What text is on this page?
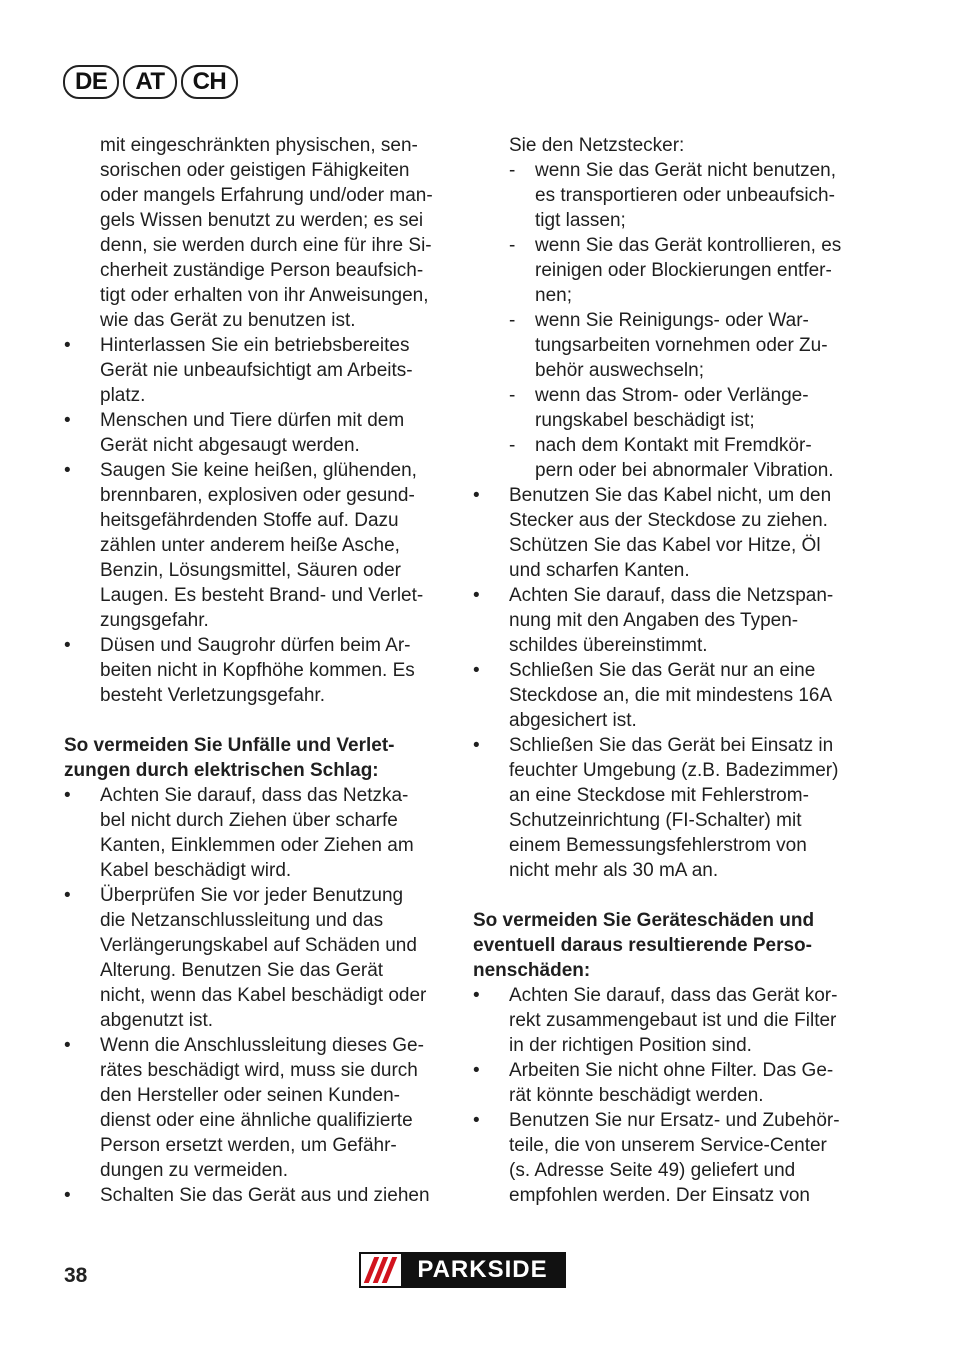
DE	AT	CH

mit eingeschränkten physischen, sen-
sorischen oder geistigen Fähigkeiten
oder mangels Erfahrung und/oder man-
gels Wissen benutzt zu werden; es sei
denn, sie werden durch eine für ihre Si-
cherheit zuständige Person beaufsich-
tigt oder erhalten von ihr Anweisungen,
wie das Gerät zu benutzen ist.

• Hinterlassen Sie ein betriebsbereites
Gerät nie unbeaufsichtigt am Arbeits-
platz.

• Menschen und Tiere dürfen mit dem
Gerät nicht abgesaugt werden.

• Saugen Sie keine heißen, glühenden,
brennbaren, explosiven oder gesund-
heitsgefährdenden Stoffe auf. Dazu
zählen unter anderem heiße Asche,
Benzin, Lösungsmittel, Säuren oder
Laugen. Es besteht Brand- und Verlet-
zungsgefahr.

• Düsen und Saugrohr dürfen beim Ar-
beiten nicht in Kopfhöhe kommen. Es
besteht Verletzungsgefahr.

So vermeiden Sie Unfälle und Verlet-
zungen durch elektrischen Schlag:

• Achten Sie darauf, dass das Netzka-
bel nicht durch Ziehen über scharfe
Kanten, Einklemmen oder Ziehen am
Kabel beschädigt wird.

• Überprüfen Sie vor jeder Benutzung
die Netzanschlussleitung und das
Verlängerungskabel auf Schäden und
Alterung. Benutzen Sie das Gerät
nicht, wenn das Kabel beschädigt oder
abgenutzt ist.

• Wenn die Anschlussleitung dieses Ge-
rätes beschädigt wird, muss sie durch
den Hersteller oder seinen Kunden-
dienst oder eine ähnliche qualifizierte
Person ersetzt werden, um Gefähr-
dungen zu vermeiden.

• Schalten Sie das Gerät aus und ziehen

Sie den Netzstecker:

- wenn Sie das Gerät nicht benutzen,
es transportieren oder unbeaufsich-
tigt lassen;

- wenn Sie das Gerät kontrollieren, es
reinigen oder Blockierungen entfer-
nen;

- wenn Sie Reinigungs- oder War-
tungsarbeiten vornehmen oder Zu-
behör auswechseln;

- wenn das Strom- oder Verlänge-
rungskabel beschädigt ist;

- nach dem Kontakt mit Fremdkör-
pern oder bei abnormaler Vibration.

• Benutzen Sie das Kabel nicht, um den
Stecker aus der Steckdose zu ziehen.
Schützen Sie das Kabel vor Hitze, Öl
und scharfen Kanten.

• Achten Sie darauf, dass die Netzspan-
nung mit den Angaben des Typen-
schildes übereinstimmt.

• Schließen Sie das Gerät nur an eine
Steckdose an, die mit mindestens 16A
abgesichert ist.

• Schließen Sie das Gerät bei Einsatz in
feuchter Umgebung (z.B. Badezimmer)
an eine Steckdose mit Fehlerstrom-
Schutzeinrichtung (FI-Schalter) mit
einem Bemessungsfehlerstrom von
nicht mehr als 30 mA an.

So vermeiden Sie Geräteschäden und
eventuell daraus resultierende Perso-
nenschäden:

• Achten Sie darauf, dass das Gerät kor-
rekt zusammengebaut ist und die Filter
in der richtigen Position sind.

• Arbeiten Sie nicht ohne Filter. Das Ge-
rät könnte beschädigt werden.

• Benutzen Sie nur Ersatz- und Zubehör-
teile, die von unserem Service-Center
(s. Adresse Seite 49) geliefert und
empfohlen werden. Der Einsatz von

38	PARKSIDE
